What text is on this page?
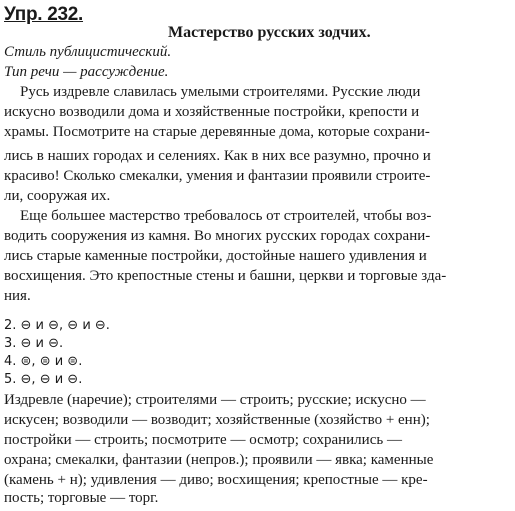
Упр. 232.
Мастерство русских зодчих.
Стиль публицистический.
Тип речи — рассуждение.
Русь издревле славилась умелыми строителями. Русские люди
искусно возводили дома и хозяйственные постройки, крепости и
храмы. Посмотрите на старые деревянные дома, которые сохрани-
лись в наших городах и селениях. Как в них все разумно, прочно и
красиво! Сколько смекалки, умения и фантазии проявили строите-
ли, сооружая их.
Еще большее мастерство требовалось от строителей, чтобы воз-
водить сооружения из камня. Во многих русских городах сохрани-
лись старые каменные постройки, достойные нашего удивления и
восхищения. Это крепостные стены и башни, церкви и торговые зда-
ния.
2. ⊖ и ⊖, ⊖ и ⊖.
3. ⊖ и ⊖.
4. ⊜, ⊜ и ⊜.
5. ⊖, ⊖ и ⊖.
Издревле (наречие); строителями — строить; русские; искусно —
искусен; возводили — возводит; хозяйственные (хозяйство + енн);
постройки — строить; посмотрите — осмотр; сохранились —
охрана; смекалки, фантазии (непров.); проявили — явка; каменные
(камень + н); удивления — диво; восхищения; крепостные — кре-
пость; торговые — торг.
